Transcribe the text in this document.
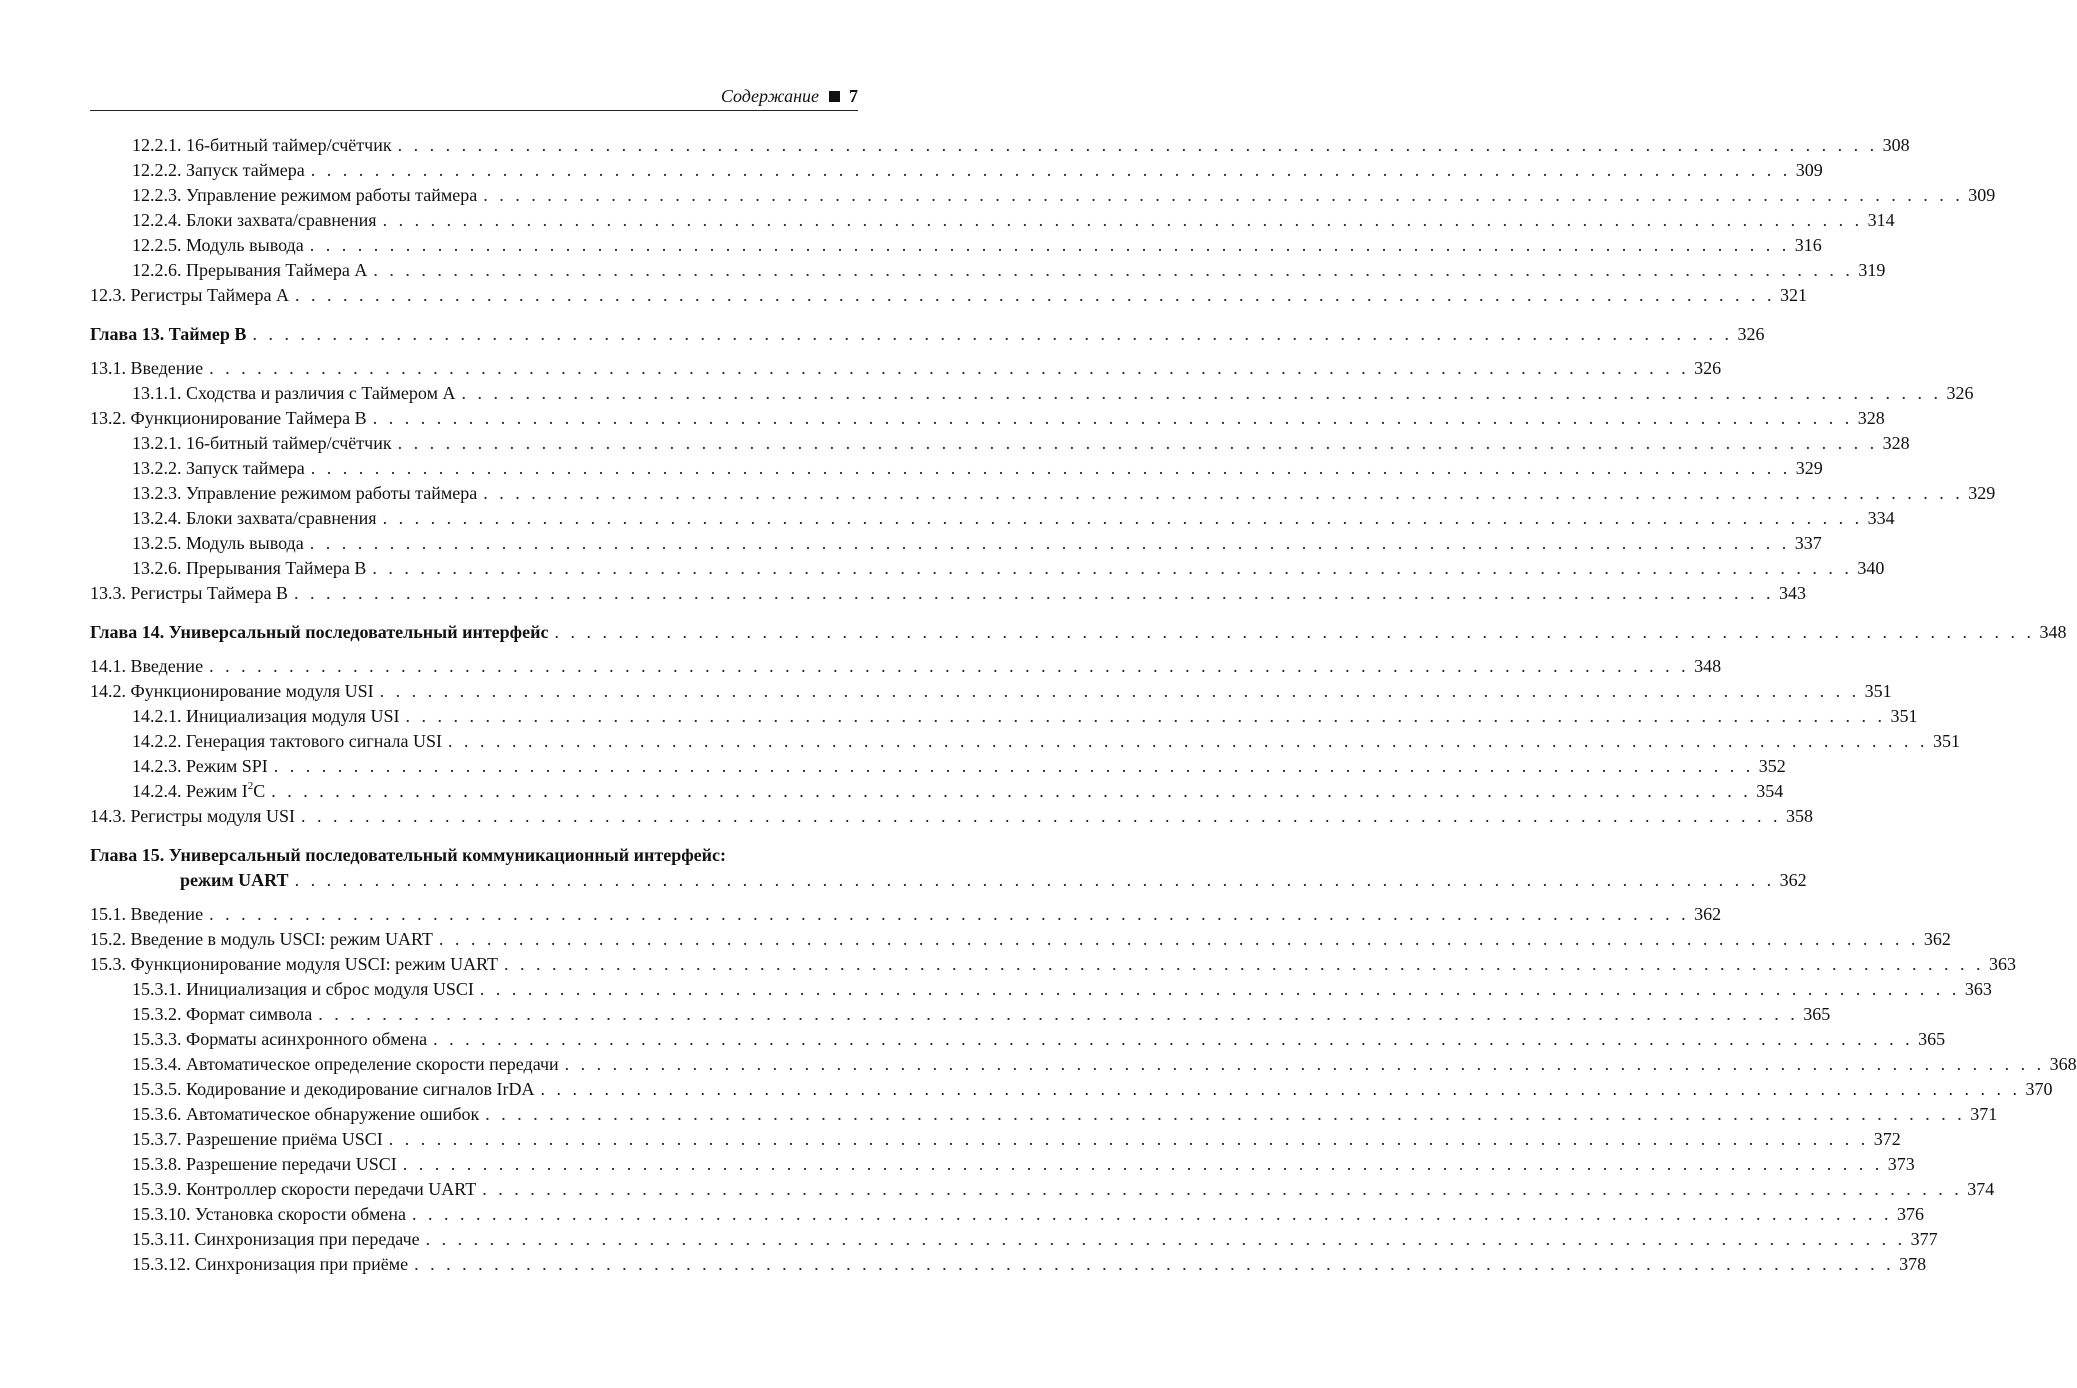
Содержание 7
12.2.1. 16-битный таймер/счётчик . . . . . . . . . . . . . . . . . . . . . . . . . . . . . . . . . . . . . . . . . . . . . . . . . . . . . . . . . . . . . . . . . . . . . . . . . . . . . . . . . . . . . . . . . . . . . 308
12.2.2. Запуск таймера . . . . . . . . . . . . . . . . . . . . . . . . . . . . . . . . . . . . . . . . . . . . . . . . . . . . . . . . . . . . . . . . . . . . . . . . . . . . . . . . . . . . . . . . . . . . . 309
12.2.3. Управление режимом работы таймера . . . . . . . . . . . . . . . . . . . . . . . . . . . . . . . . . . . . . . . . . . . . . . . . . . . . . . . . . . . . . . . . . . . . . . . . . . . . . . . . . . . . . . . . . . . . . 309
12.2.4. Блоки захвата/сравнения . . . . . . . . . . . . . . . . . . . . . . . . . . . . . . . . . . . . . . . . . . . . . . . . . . . . . . . . . . . . . . . . . . . . . . . . . . . . . . . . . . . . . . . . . . . . . 314
12.2.5. Модуль вывода . . . . . . . . . . . . . . . . . . . . . . . . . . . . . . . . . . . . . . . . . . . . . . . . . . . . . . . . . . . . . . . . . . . . . . . . . . . . . . . . . . . . . . . . . . . . . 316
12.2.6. Прерывания Таймера А . . . . . . . . . . . . . . . . . . . . . . . . . . . . . . . . . . . . . . . . . . . . . . . . . . . . . . . . . . . . . . . . . . . . . . . . . . . . . . . . . . . . . . . . . . . . . 319
12.3. Регистры Таймера А . . . . . . . . . . . . . . . . . . . . . . . . . . . . . . . . . . . . . . . . . . . . . . . . . . . . . . . . . . . . . . . . . . . . . . . . . . . . . . . . . . . . . . . . . . . . . 321
Глава 13. Таймер В . . . . . . . . . . . . . . . . . . . . . . . . . . . . . . . . . . . . . . . . . . . . . . . . . . . . . . . . . . . . . . . . . . . . . . . . . . . . . . . . . . . . . . . . . . . . . 326
13.1. Введение . . . . . . . . . . . . . . . . . . . . . . . . . . . . . . . . . . . . . . . . . . . . . . . . . . . . . . . . . . . . . . . . . . . . . . . . . . . . . . . . . . . . . . . . . . . . . 326
13.1.1. Сходства и различия с Таймером А . . . . . . . . . . . . . . . . . . . . . . . . . . . . . . . . . . . . . . . . . . . . . . . . . . . . . . . . . . . . . . . . . . . . . . . . . . . . . . . . . . . . . . . . . . . . . 326
13.2. Функционирование Таймера В . . . . . . . . . . . . . . . . . . . . . . . . . . . . . . . . . . . . . . . . . . . . . . . . . . . . . . . . . . . . . . . . . . . . . . . . . . . . . . . . . . . . . . . . . . . . . 328
13.2.1. 16-битный таймер/счётчик . . . . . . . . . . . . . . . . . . . . . . . . . . . . . . . . . . . . . . . . . . . . . . . . . . . . . . . . . . . . . . . . . . . . . . . . . . . . . . . . . . . . . . . . . . . . . 328
13.2.2. Запуск таймера . . . . . . . . . . . . . . . . . . . . . . . . . . . . . . . . . . . . . . . . . . . . . . . . . . . . . . . . . . . . . . . . . . . . . . . . . . . . . . . . . . . . . . . . . . . . . 329
13.2.3. Управление режимом работы таймера . . . . . . . . . . . . . . . . . . . . . . . . . . . . . . . . . . . . . . . . . . . . . . . . . . . . . . . . . . . . . . . . . . . . . . . . . . . . . . . . . . . . . . . . . . . . . 329
13.2.4. Блоки захвата/сравнения . . . . . . . . . . . . . . . . . . . . . . . . . . . . . . . . . . . . . . . . . . . . . . . . . . . . . . . . . . . . . . . . . . . . . . . . . . . . . . . . . . . . . . . . . . . . . 334
13.2.5. Модуль вывода . . . . . . . . . . . . . . . . . . . . . . . . . . . . . . . . . . . . . . . . . . . . . . . . . . . . . . . . . . . . . . . . . . . . . . . . . . . . . . . . . . . . . . . . . . . . . 337
13.2.6. Прерывания Таймера В . . . . . . . . . . . . . . . . . . . . . . . . . . . . . . . . . . . . . . . . . . . . . . . . . . . . . . . . . . . . . . . . . . . . . . . . . . . . . . . . . . . . . . . . . . . . . 340
13.3. Регистры Таймера В . . . . . . . . . . . . . . . . . . . . . . . . . . . . . . . . . . . . . . . . . . . . . . . . . . . . . . . . . . . . . . . . . . . . . . . . . . . . . . . . . . . . . . . . . . . . . 343
Глава 14. Универсальный последовательный интерфейс . . . . . . . . . . . . . . . . . . . . . . . . . . . . . . . . . . . . . . . . . . . . . . . . . . . . . . . . . . . . . . . . . . . . . . . . . . . . . . . . . . . . . . . . . . . . . 348
14.1. Введение . . . . . . . . . . . . . . . . . . . . . . . . . . . . . . . . . . . . . . . . . . . . . . . . . . . . . . . . . . . . . . . . . . . . . . . . . . . . . . . . . . . . . . . . . . . . . 348
14.2. Функционирование модуля USI . . . . . . . . . . . . . . . . . . . . . . . . . . . . . . . . . . . . . . . . . . . . . . . . . . . . . . . . . . . . . . . . . . . . . . . . . . . . . . . . . . . . . . . . . . . . . 351
14.2.1. Инициализация модуля USI . . . . . . . . . . . . . . . . . . . . . . . . . . . . . . . . . . . . . . . . . . . . . . . . . . . . . . . . . . . . . . . . . . . . . . . . . . . . . . . . . . . . . . . . . . . . . 351
14.2.2. Генерация тактового сигнала USI . . . . . . . . . . . . . . . . . . . . . . . . . . . . . . . . . . . . . . . . . . . . . . . . . . . . . . . . . . . . . . . . . . . . . . . . . . . . . . . . . . . . . . . . . . . . . 351
14.2.3. Режим SPI . . . . . . . . . . . . . . . . . . . . . . . . . . . . . . . . . . . . . . . . . . . . . . . . . . . . . . . . . . . . . . . . . . . . . . . . . . . . . . . . . . . . . . . . . . . . . 352
14.2.4. Режим $I^2C$ . . . . . . . . . . . . . . . . . . . . . . . . . . . . . . . . . . . . . . . . . . . . . . . . . . . . . . . . . . . . . . . . . . . . . . . . . . . . . . . . . . . . . . . . . . . . . 354
14.3. Регистры модуля USI . . . . . . . . . . . . . . . . . . . . . . . . . . . . . . . . . . . . . . . . . . . . . . . . . . . . . . . . . . . . . . . . . . . . . . . . . . . . . . . . . . . . . . . . . . . . . 358
Глава 15. Универсальный последовательный коммуникационный интерфейс:
режим UART . . . . . . . . . . . . . . . . . . . . . . . . . . . . . . . . . . . . . . . . . . . . . . . . . . . . . . . . . . . . . . . . . . . . . . . . . . . . . . . . . . . . . . . . . . . . . 362
15.1. Введение . . . . . . . . . . . . . . . . . . . . . . . . . . . . . . . . . . . . . . . . . . . . . . . . . . . . . . . . . . . . . . . . . . . . . . . . . . . . . . . . . . . . . . . . . . . . . 362
15.2. Введение в модуль USCI: режим UART . . . . . . . . . . . . . . . . . . . . . . . . . . . . . . . . . . . . . . . . . . . . . . . . . . . . . . . . . . . . . . . . . . . . . . . . . . . . . . . . . . . . . . . . . . . . . 362
15.3. Функционирование модуля USCI: режим UART . . . . . . . . . . . . . . . . . . . . . . . . . . . . . . . . . . . . . . . . . . . . . . . . . . . . . . . . . . . . . . . . . . . . . . . . . . . . . . . . . . . . . . . . . . . . . 363
15.3.1. Инициализация и сброс модуля USCI . . . . . . . . . . . . . . . . . . . . . . . . . . . . . . . . . . . . . . . . . . . . . . . . . . . . . . . . . . . . . . . . . . . . . . . . . . . . . . . . . . . . . . . . . . . . . 363
15.3.2. Формат символа . . . . . . . . . . . . . . . . . . . . . . . . . . . . . . . . . . . . . . . . . . . . . . . . . . . . . . . . . . . . . . . . . . . . . . . . . . . . . . . . . . . . . . . . . . . . . 365
15.3.3. Форматы асинхронного обмена . . . . . . . . . . . . . . . . . . . . . . . . . . . . . . . . . . . . . . . . . . . . . . . . . . . . . . . . . . . . . . . . . . . . . . . . . . . . . . . . . . . . . . . . . . . . . 365
15.3.4. Автоматическое определение скорости передачи . . . . . . . . . . . . . . . . . . . . . . . . . . . . . . . . . . . . . . . . . . . . . . . . . . . . . . . . . . . . . . . . . . . . . . . . . . . . . . . . . . . . . . . . . . . . . 368
15.3.5. Кодирование и декодирование сигналов IrDA . . . . . . . . . . . . . . . . . . . . . . . . . . . . . . . . . . . . . . . . . . . . . . . . . . . . . . . . . . . . . . . . . . . . . . . . . . . . . . . . . . . . . . . . . . . . . 370
15.3.6. Автоматическое обнаружение ошибок . . . . . . . . . . . . . . . . . . . . . . . . . . . . . . . . . . . . . . . . . . . . . . . . . . . . . . . . . . . . . . . . . . . . . . . . . . . . . . . . . . . . . . . . . . . . . 371
15.3.7. Разрешение приёма USCI . . . . . . . . . . . . . . . . . . . . . . . . . . . . . . . . . . . . . . . . . . . . . . . . . . . . . . . . . . . . . . . . . . . . . . . . . . . . . . . . . . . . . . . . . . . . . 372
15.3.8. Разрешение передачи USCI . . . . . . . . . . . . . . . . . . . . . . . . . . . . . . . . . . . . . . . . . . . . . . . . . . . . . . . . . . . . . . . . . . . . . . . . . . . . . . . . . . . . . . . . . . . . . 373
15.3.9. Контроллер скорости передачи UART . . . . . . . . . . . . . . . . . . . . . . . . . . . . . . . . . . . . . . . . . . . . . . . . . . . . . . . . . . . . . . . . . . . . . . . . . . . . . . . . . . . . . . . . . . . . . 374
15.3.10. Установка скорости обмена . . . . . . . . . . . . . . . . . . . . . . . . . . . . . . . . . . . . . . . . . . . . . . . . . . . . . . . . . . . . . . . . . . . . . . . . . . . . . . . . . . . . . . . . . . . . . 376
15.3.11. Синхронизация при передаче . . . . . . . . . . . . . . . . . . . . . . . . . . . . . . . . . . . . . . . . . . . . . . . . . . . . . . . . . . . . . . . . . . . . . . . . . . . . . . . . . . . . . . . . . . . . . 377
15.3.12. Синхронизация при приёме . . . . . . . . . . . . . . . . . . . . . . . . . . . . . . . . . . . . . . . . . . . . . . . . . . . . . . . . . . . . . . . . . . . . . . . . . . . . . . . . . . . . . . . . . . . . . 378
